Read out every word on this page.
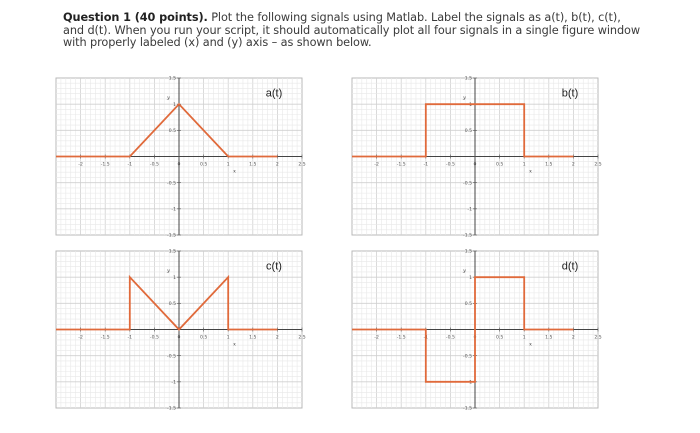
Question 1 (40 points). Plot the following signals using Matlab. Label the signals as a(t), b(t), c(t), and d(t). When you run your script, it should automatically plot all four signals in a single figure window with properly labeled (x) and (y) axis – as shown below.
-2	-1.5	-1	-0.5	0	0.5	1	1.5	2	2.5
1.5
1
0.5
-0.5
-1
-1.5
y
x
a(t)
-2	-1.5	-1	-0.5	0	0.5	1	1.5	2	2.5
1.5
1
0.5
-0.5
-1
-1.5
y
x
b(t)
-2	-1.5	-1	-0.5	0	0.5	1	1.5	2	2.5
1.5
1
0.5
-0.5
-1
-1.5
y
x
c(t)
-2	-1.5	-1	-0.5	0	0.5	1	1.5	2	2.5
1.5
1
0.5
-0.5
-1
-1.5
y
x
d(t)
